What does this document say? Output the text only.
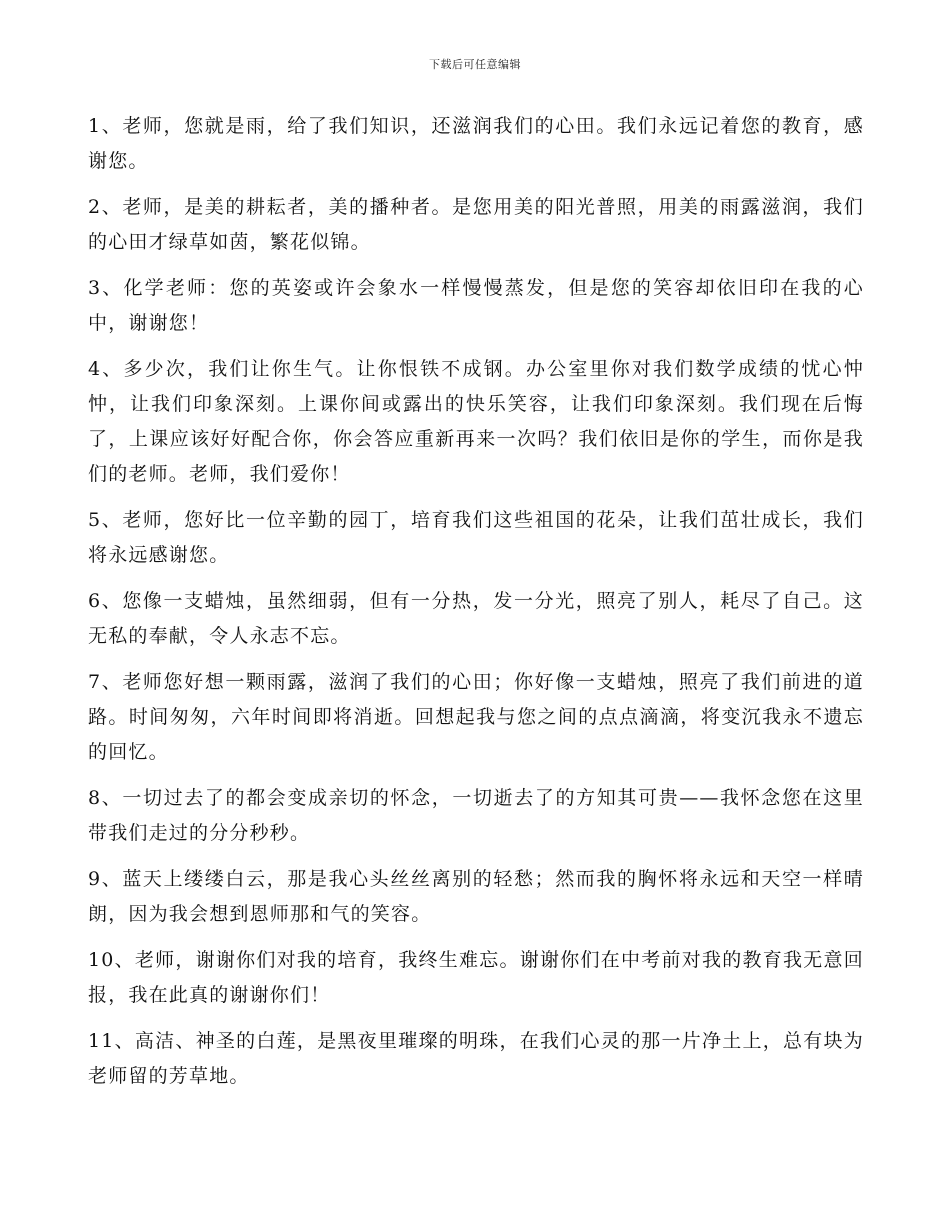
下载后可任意编辑

1、老师，您就是雨，给了我们知识，还滋润我们的心田。我们永远记着您的教育，感谢您。

2、老师，是美的耕耘者，美的播种者。是您用美的阳光普照，用美的雨露滋润，我们的心田才绿草如茵，繁花似锦。

3、化学老师：您的英姿或许会象水一样慢慢蒸发，但是您的笑容却依旧印在我的心中，谢谢您！

4、多少次，我们让你生气。让你恨铁不成钢。办公室里你对我们数学成绩的忧心忡忡，让我们印象深刻。上课你间或露出的快乐笑容，让我们印象深刻。我们现在后悔了，上课应该好好配合你，你会答应重新再来一次吗？我们依旧是你的学生，而你是我们的老师。老师，我们爱你！

5、老师，您好比一位辛勤的园丁，培育我们这些祖国的花朵，让我们茁壮成长，我们将永远感谢您。

6、您像一支蜡烛，虽然细弱，但有一分热，发一分光，照亮了别人，耗尽了自己。这无私的奉献，令人永志不忘。

7、老师您好想一颗雨露，滋润了我们的心田；你好像一支蜡烛，照亮了我们前进的道路。时间匆匆，六年时间即将消逝。回想起我与您之间的点点滴滴，将变沉我永不遗忘的回忆。

8、一切过去了的都会变成亲切的怀念，一切逝去了的方知其可贵——我怀念您在这里带我们走过的分分秒秒。

9、蓝天上缕缕白云，那是我心头丝丝离别的轻愁；然而我的胸怀将永远和天空一样晴朗，因为我会想到恩师那和气的笑容。

10、老师，谢谢你们对我的培育，我终生难忘。谢谢你们在中考前对我的教育我无意回报，我在此真的谢谢你们！

11、高洁、神圣的白莲，是黑夜里璀璨的明珠，在我们心灵的那一片净土上，总有块为老师留的芳草地。
